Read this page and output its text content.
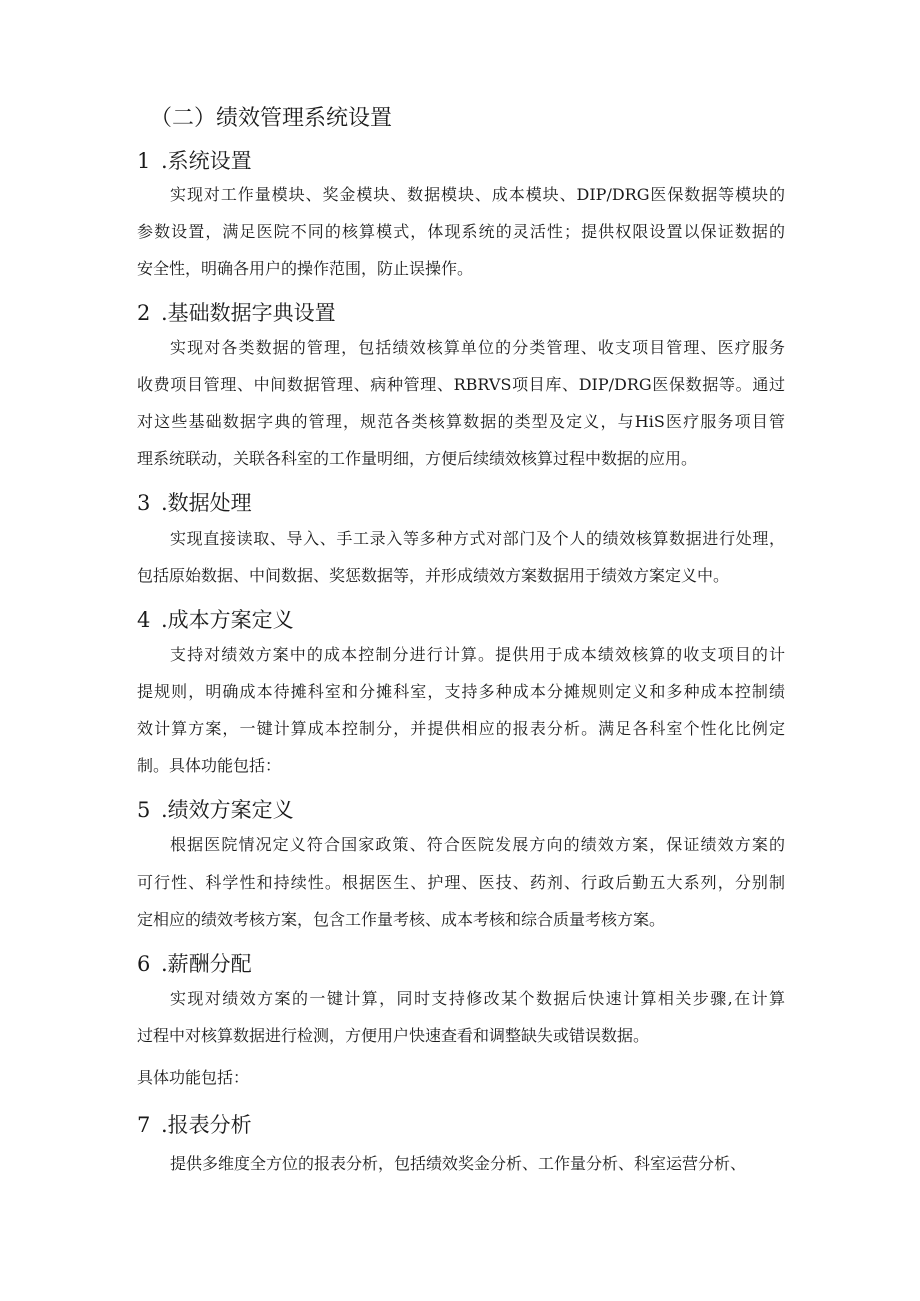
（二）绩效管理系统设置
1 .系统设置
实现对工作量模块、奖金模块、数据模块、成本模块、DIP/DRG医保数据等模块的
参数设置，满足医院不同的核算模式，体现系统的灵活性；提供权限设置以保证数据的
安全性，明确各用户的操作范围，防止误操作。
2 .基础数据字典设置
实现对各类数据的管理，包括绩效核算单位的分类管理、收支项目管理、医疗服务
收费项目管理、中间数据管理、病种管理、RBRVS项目库、DIP/DRG医保数据等。通过
对这些基础数据字典的管理，规范各类核算数据的类型及定义，与HiS医疗服务项目管
理系统联动，关联各科室的工作量明细，方便后续绩效核算过程中数据的应用。
3 .数据处理
实现直接读取、导入、手工录入等多种方式对部门及个人的绩效核算数据进行处理，
包括原始数据、中间数据、奖惩数据等，并形成绩效方案数据用于绩效方案定义中。
4 .成本方案定义
支持对绩效方案中的成本控制分进行计算。提供用于成本绩效核算的收支项目的计
提规则，明确成本待摊科室和分摊科室，支持多种成本分摊规则定义和多种成本控制绩
效计算方案，一键计算成本控制分，并提供相应的报表分析。满足各科室个性化比例定
制。具体功能包括：
5 .绩效方案定义
根据医院情况定义符合国家政策、符合医院发展方向的绩效方案，保证绩效方案的
可行性、科学性和持续性。根据医生、护理、医技、药剂、行政后勤五大系列，分别制
定相应的绩效考核方案，包含工作量考核、成本考核和综合质量考核方案。
6 .薪酬分配
实现对绩效方案的一键计算，同时支持修改某个数据后快速计算相关步骤,在计算
过程中对核算数据进行检测，方便用户快速查看和调整缺失或错误数据。
具体功能包括：
7 .报表分析
提供多维度全方位的报表分析，包括绩效奖金分析、工作量分析、科室运营分析、
